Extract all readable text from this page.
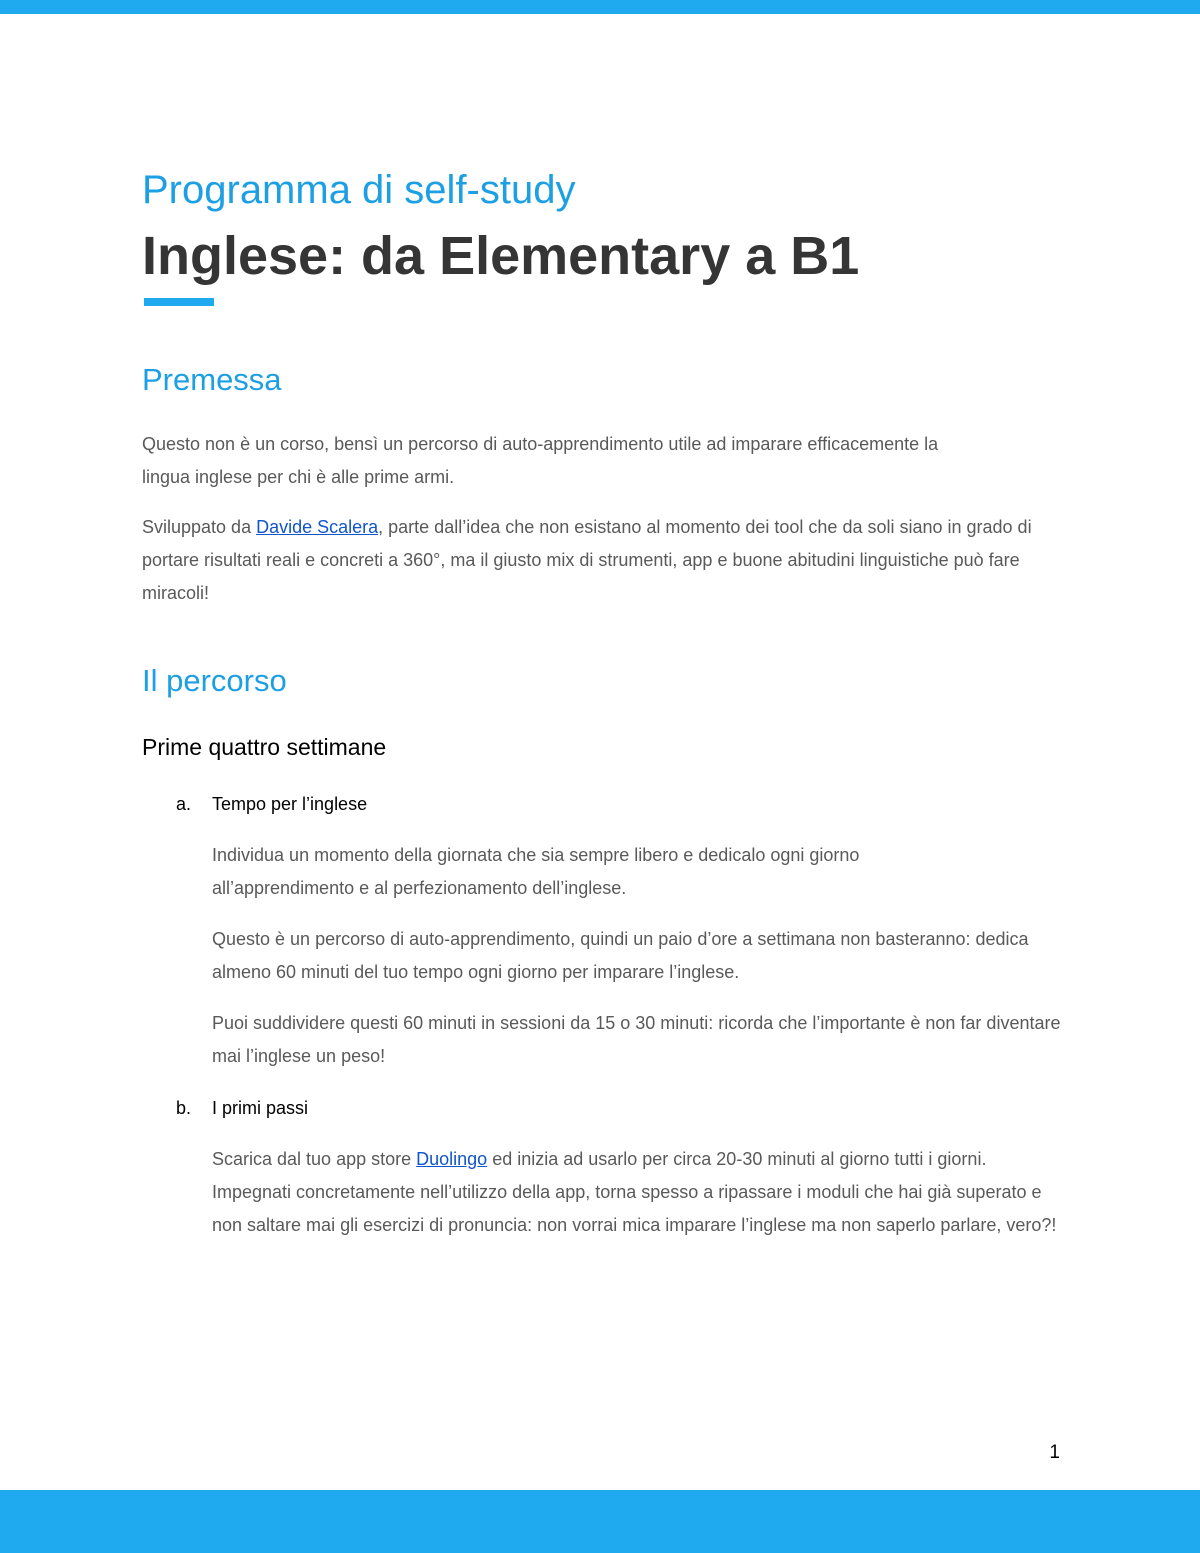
Programma di self-study
Inglese: da Elementary a B1
Premessa

Questo non è un corso, bensì un percorso di auto-apprendimento utile ad imparare efficacemente la lingua inglese per chi è alle prime armi.

Sviluppato da Davide Scalera, parte dall’idea che non esistano al momento dei tool che da soli siano in grado di portare risultati reali e concreti a 360°, ma il giusto mix di strumenti, app e buone abitudini linguistiche può fare miracoli!

Il percorso
Prime quattro settimane
a. Tempo per l’inglese

Individua un momento della giornata che sia sempre libero e dedicalo ogni giorno all’apprendimento e al perfezionamento dell’inglese.

Questo è un percorso di auto-apprendimento, quindi un paio d’ore a settimana non basteranno: dedica almeno 60 minuti del tuo tempo ogni giorno per imparare l’inglese.

Puoi suddividere questi 60 minuti in sessioni da 15 o 30 minuti: ricorda che l’importante è non far diventare mai l’inglese un peso!

b. I primi passi

Scarica dal tuo app store Duolingo ed inizia ad usarlo per circa 20-30 minuti al giorno tutti i giorni. Impegnati concretamente nell’utilizzo della app, torna spesso a ripassare i moduli che hai già superato e non saltare mai gli esercizi di pronuncia: non vorrai mica imparare l’inglese ma non saperlo parlare, vero?!

1
